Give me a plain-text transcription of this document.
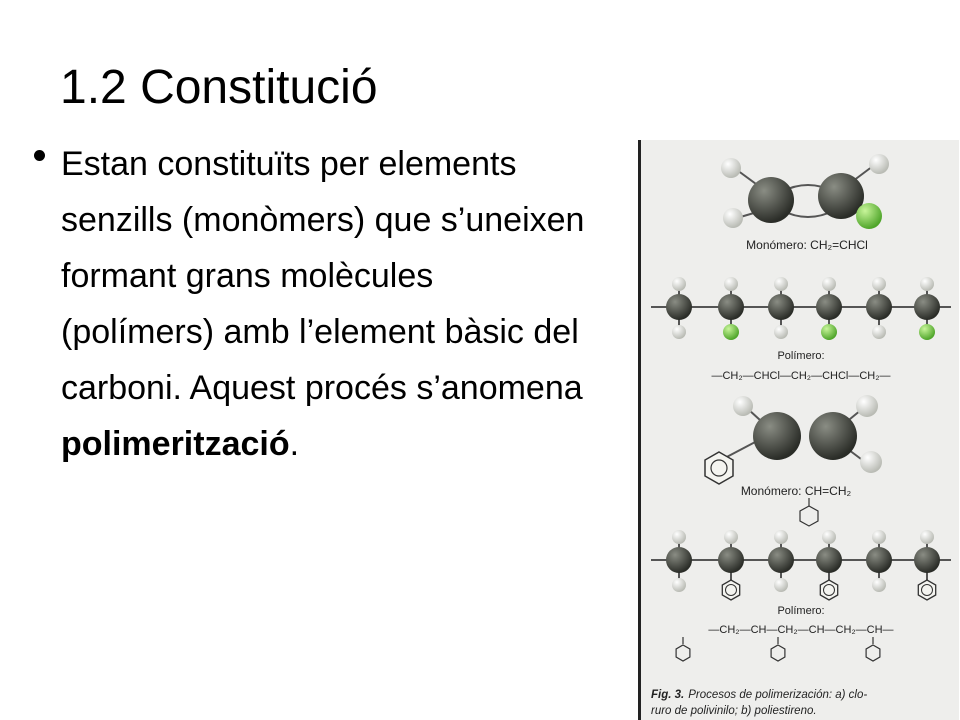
1.2 Constitució
Estan constituïts per elements senzills (monòmers) que s’uneixen formant grans molècules (polímers) amb l’element bàsic del carboni. Aquest procés s’anomena polimerització.
Monómero: CH₂=CHCl
Polímero:
—CH₂—CHCl—CH₂—CHCl—CH₂—
Monómero: CH=CH₂
Polímero:
—CH₂—CH—CH₂—CH—CH₂—CH—
Fig. 3. Procesos de polimerización: a) clo-
ruro de polivinilo; b) poliestireno.
